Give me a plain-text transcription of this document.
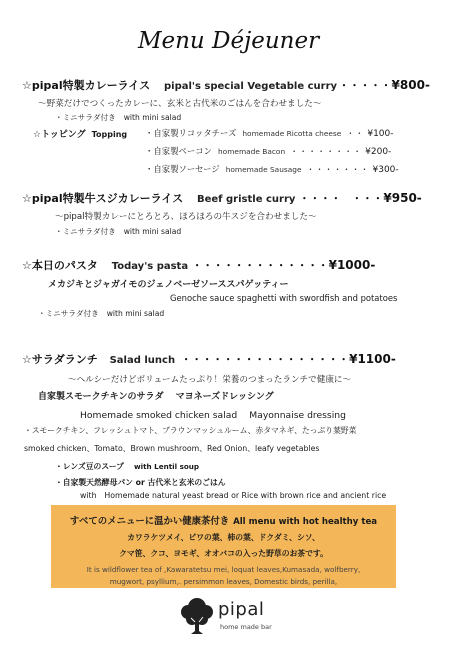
Menu Déjeuner
☆pipal特製カレーライス pipal's special Vegetable curry ・・・・・¥800-
～野菜だけでつくったカレーに、玄米と古代米のごはんを合わせました～
・ミニサラダ付き with mini salad
☆トッピング Topping ・自家製リコッタチーズ homemade Ricotta cheese ・・ ¥100-
・自家製ベーコン homemade Bacon ・・・・・・・・ ¥200-
・自家製ソーセージ homemade Sausage ・・・・・・・ ¥300-
☆pipal特製牛スジカレーライス Beef gristle curry ・・・・　・・・¥950-
～pipal特製カレーにとろとろ、ほろほろの牛スジを合わせました～
・ミニサラダ付き with mini salad
☆本日のパスタ Today's pasta ・・・・・・・・・・・・・¥1000-
メカジキとジャガイモのジェノベーゼソーススパゲッティー
Genoche sauce spaghetti with swordfish and potatoes
・ミニサラダ付き with mini salad
☆サラダランチ Salad lunch ・・・・・・・・・・・・・・・・¥1100-
～ヘルシーだけどボリュームたっぷり！栄養のつまったランチで健康に～
自家製スモークチキンのサラダ　 マヨネーズドレッシング
Homemade smoked chicken salad　 Mayonnaise dressing
・スモークチキン、フレッシュトマト、ブラウンマッシュルーム、赤タマネギ、たっぷり葉野菜
smoked chicken、Tomato、Brown mushroom、Red Onion、leafy vegetables
・レンズ豆のスープ with Lentil soup
・自家製天然酵母パン or 古代米と玄米のごはん
with　Homemade natural yeast bread or Rice with brown rice and ancient rice
すべてのメニューに温かい健康茶付き All menu with hot healthy tea
カワラケツメイ、ビワの葉、柿の葉、ドクダミ、シソ、
クマ笹、クコ、ヨモギ、オオバコの入った野草のお茶です。
It is wildflower tea of ,Kawaratetsu mei, loquat leaves,Kumasada, wolfberry,
mugwort, psyllium,. persimmon leaves, Domestic birds, perilla,
pipal
home made bar
